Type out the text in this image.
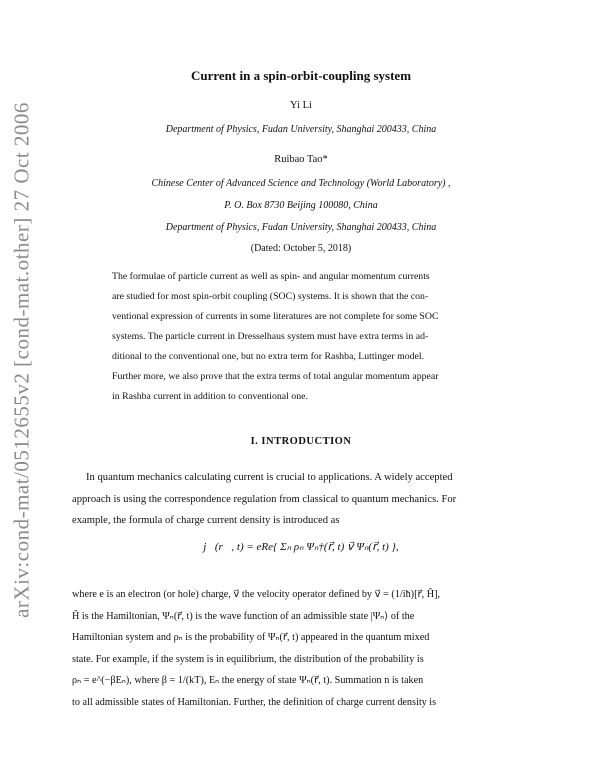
arXiv:cond-mat/0512655v2 [cond-mat.other] 27 Oct 2006
Current in a spin-orbit-coupling system
Yi Li
Department of Physics, Fudan University, Shanghai 200433, China
Ruibao Tao*
Chinese Center of Advanced Science and Technology (World Laboratory) ,
P. O. Box 8730 Beijing 100080, China
Department of Physics, Fudan University, Shanghai 200433, China
(Dated: October 5, 2018)
The formulae of particle current as well as spin- and angular momentum currents
are studied for most spin-orbit coupling (SOC) systems. It is shown that the con-
ventional expression of currents in some literatures are not complete for some SOC
systems. The particle current in Dresselhaus system must have extra terms in ad-
ditional to the conventional one, but no extra term for Rashba, Luttinger model.
Further more, we also prove that the extra terms of total angular momentum appear
in Rashba current in addition to conventional one.
I. INTRODUCTION
In quantum mechanics calculating current is crucial to applications. A widely accepted
approach is using the correspondence regulation from classical to quantum mechanics. For
example, the formula of charge current density is introduced as
j⃗(r⃗, t) = eRe{ Σₙ ρₙ Ψₙ†(r⃗, t) v⃗ Ψₙ(r⃗, t) },
where e is an electron (or hole) charge, v⃗ the velocity operator defined by v⃗ = (1/iħ)[r⃗, Ĥ],
Ĥ is the Hamiltonian, Ψₙ(r⃗, t) is the wave function of an admissible state |Ψₙ⟩ of the
Hamiltonian system and ρₙ is the probability of Ψₙ(r⃗, t) appeared in the quantum mixed
state. For example, if the system is in equilibrium, the distribution of the probability is
ρₙ = e^(−βEₙ), where β = 1/(kT), Eₙ the energy of state Ψₙ(r⃗, t). Summation n is taken
to all admissible states of Hamiltonian. Further, the definition of charge current density is
